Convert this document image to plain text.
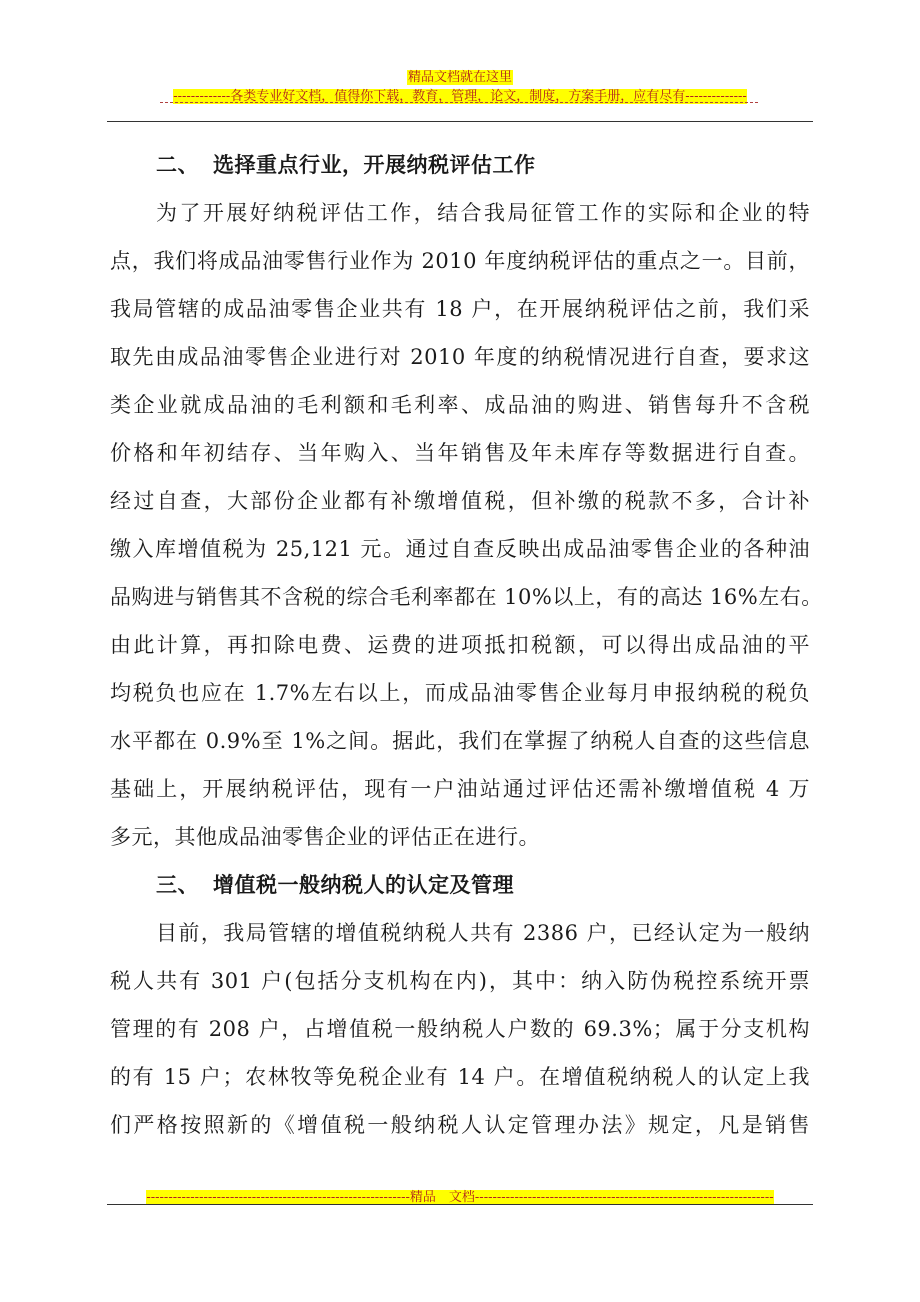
精品文档就在这里
-------------各类专业好文档，值得你下载，教育，管理，论文，制度，方案手册，应有尽有--------------
二、 选择重点行业，开展纳税评估工作
为了开展好纳税评估工作，结合我局征管工作的实际和企业的特
点，我们将成品油零售行业作为 2010 年度纳税评估的重点之一。目前，
我局管辖的成品油零售企业共有 18 户，在开展纳税评估之前，我们采
取先由成品油零售企业进行对 2010 年度的纳税情况进行自查，要求这
类企业就成品油的毛利额和毛利率、成品油的购进、销售每升不含税
价格和年初结存、当年购入、当年销售及年未库存等数据进行自查。
经过自查，大部份企业都有补缴增值税，但补缴的税款不多，合计补
缴入库增值税为 25,121 元。通过自查反映出成品油零售企业的各种油
品购进与销售其不含税的综合毛利率都在 10%以上，有的高达 16%左右。
由此计算，再扣除电费、运费的进项抵扣税额，可以得出成品油的平
均税负也应在 1.7%左右以上，而成品油零售企业每月申报纳税的税负
水平都在 0.9%至 1%之间。据此，我们在掌握了纳税人自查的这些信息
基础上，开展纳税评估，现有一户油站通过评估还需补缴增值税 4 万
多元，其他成品油零售企业的评估正在进行。
三、 增值税一般纳税人的认定及管理
目前，我局管辖的增值税纳税人共有 2386 户，已经认定为一般纳
税人共有 301 户(包括分支机构在内)，其中：纳入防伪税控系统开票
管理的有 208 户，占增值税一般纳税人户数的 69.3%；属于分支机构
的有 15 户；农林牧等免税企业有 14 户。在增值税纳税人的认定上我
们严格按照新的《增值税一般纳税人认定管理办法》规定，凡是销售
------------------------------------------------------------精品　文档--------------------------------------------------------------------
